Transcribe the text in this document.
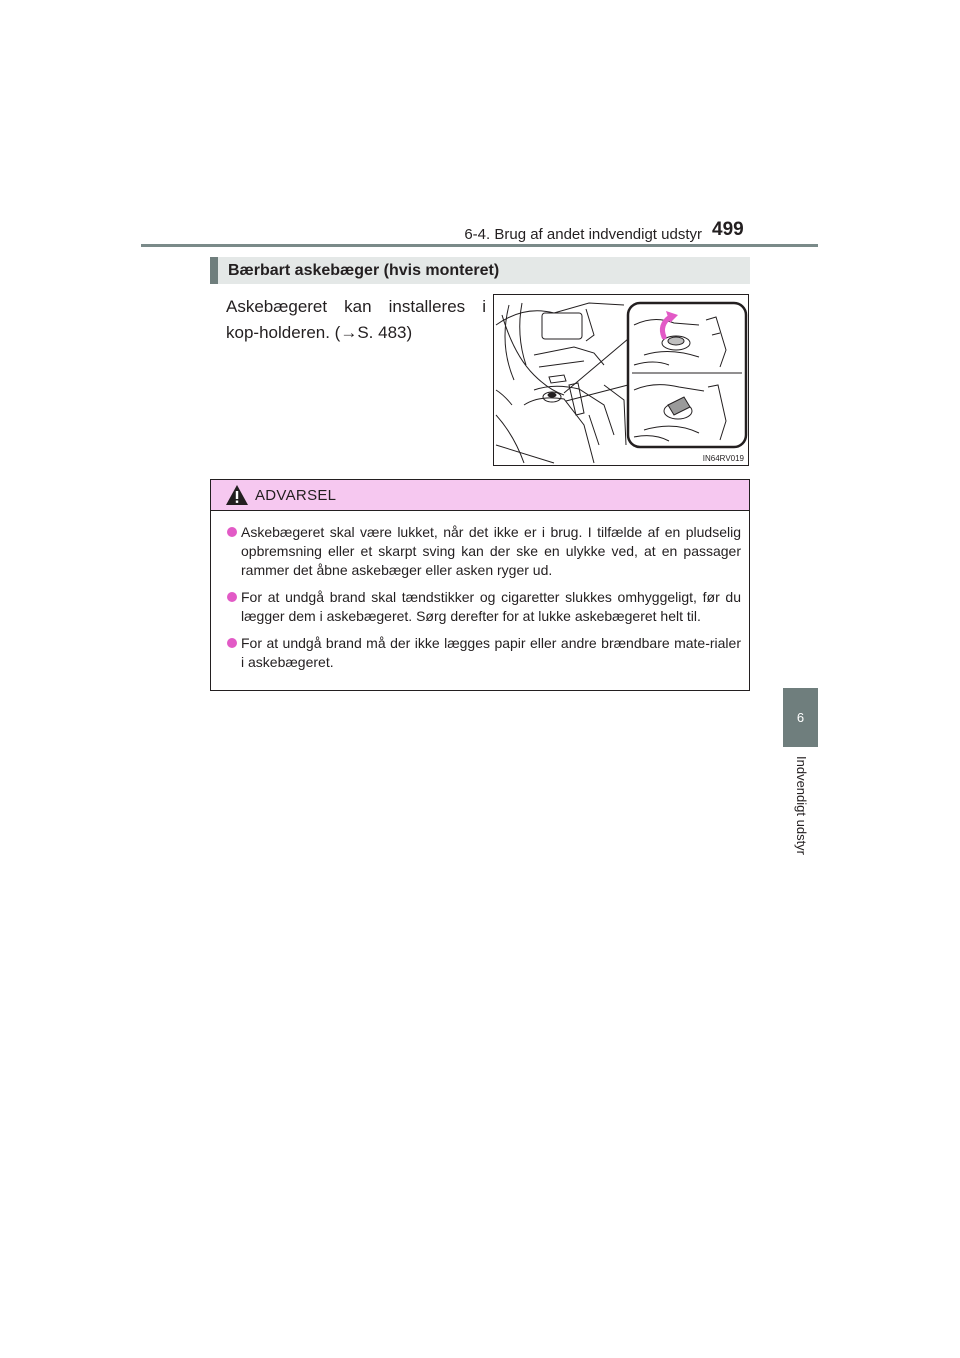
6-4. Brug af andet indvendigt udstyr 499
6
Indvendigt udstyr
Bærbart askebæger (hvis monteret)
Askebægeret kan installeres i kop-holderen. (→S. 483)
IN64RV019
ADVARSEL
Askebægeret skal være lukket, når det ikke er i brug. I tilfælde af en pludselig opbremsning eller et skarpt sving kan der ske en ulykke ved, at en passager rammer det åbne askebæger eller asken ryger ud.
For at undgå brand skal tændstikker og cigaretter slukkes omhyggeligt, før du lægger dem i askebægeret. Sørg derefter for at lukke askebægeret helt til.
For at undgå brand må der ikke lægges papir eller andre brændbare mate-rialer i askebægeret.
